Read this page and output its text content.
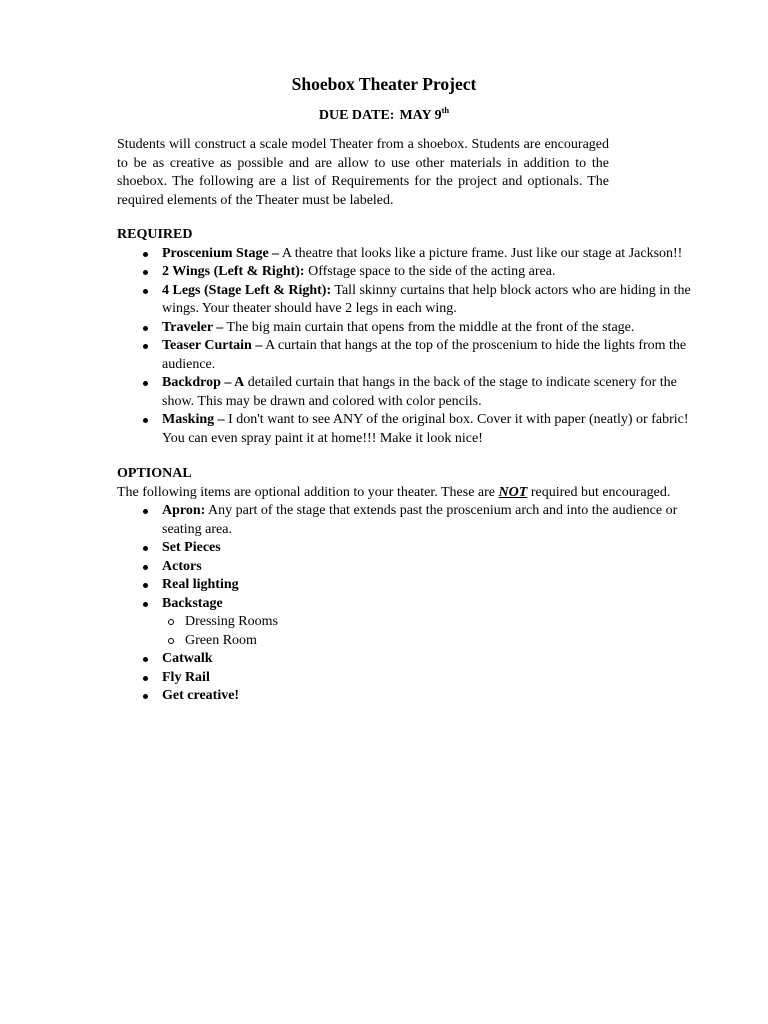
Shoebox Theater Project
DUE DATE: MAY 9th

Students will construct a scale model Theater from a shoebox. Students are encouraged to be as creative as possible and are allow to use other materials in addition to the shoebox. The following are a list of Requirements for the project and optionals. The required elements of the Theater must be labeled.

REQUIRED
Proscenium Stage – A theatre that looks like a picture frame. Just like our stage at Jackson!!
2 Wings (Left & Right): Offstage space to the side of the acting area.
4 Legs (Stage Left & Right): Tall skinny curtains that help block actors who are hiding in the wings. Your theater should have 2 legs in each wing.
Traveler – The big main curtain that opens from the middle at the front of the stage.
Teaser Curtain – A curtain that hangs at the top of the proscenium to hide the lights from the audience.
Backdrop – A detailed curtain that hangs in the back of the stage to indicate scenery for the show. This may be drawn and colored with color pencils.
Masking – I don't want to see ANY of the original box. Cover it with paper (neatly) or fabric! You can even spray paint it at home!!! Make it look nice!
OPTIONAL

The following items are optional addition to your theater. These are NOT required but encouraged.

Apron: Any part of the stage that extends past the proscenium arch and into the audience or seating area.
Set Pieces
Actors
Real lighting
Backstage
Dressing Rooms
Green Room
Catwalk
Fly Rail
Get creative!
